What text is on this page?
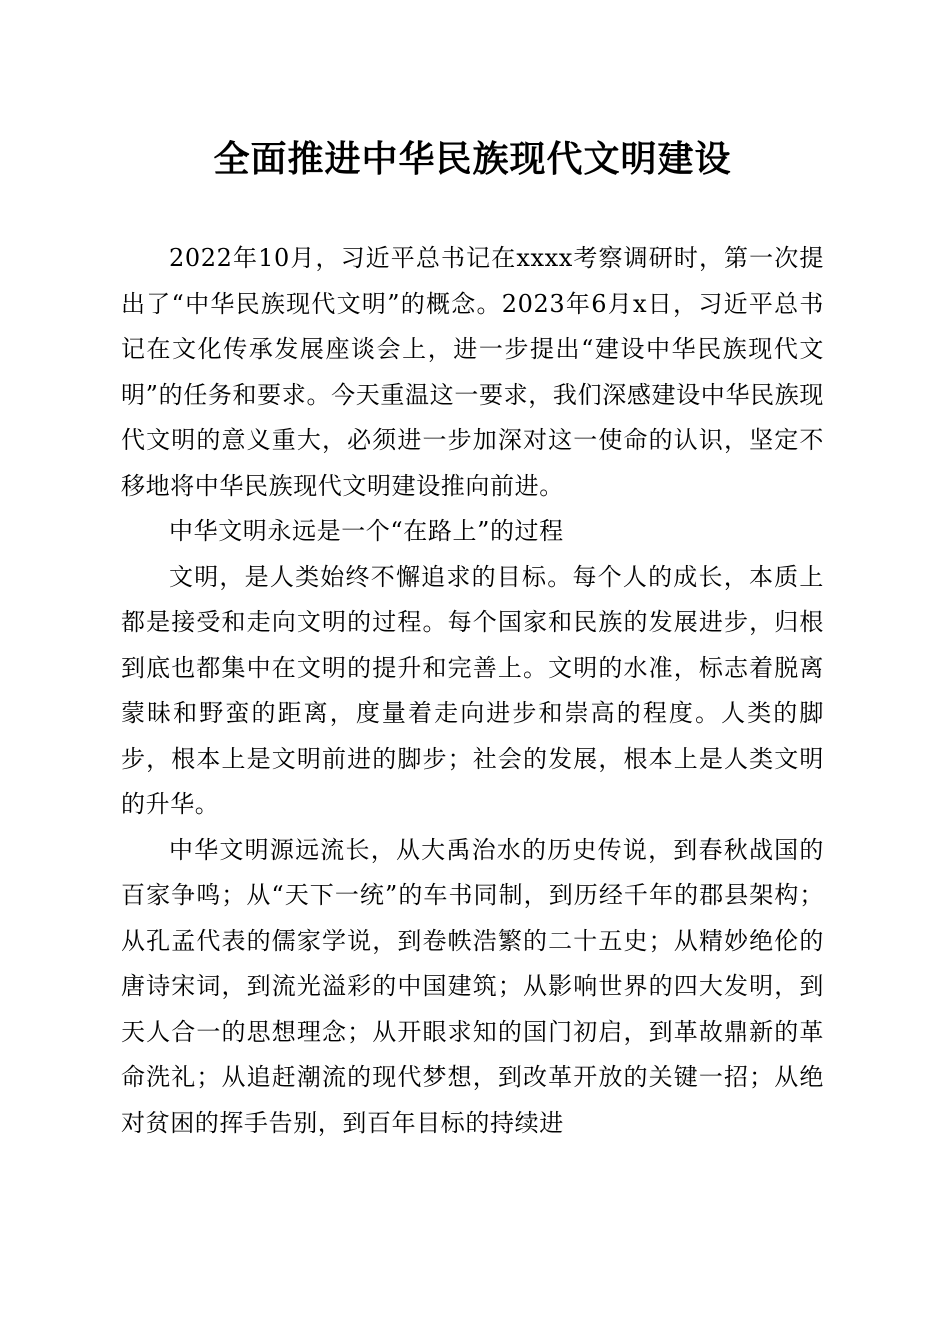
全面推进中华民族现代文明建设

2022年10月，习近平总书记在xxxx考察调研时，第一次提出了“中华民族现代文明”的概念。2023年6月x日，习近平总书记在文化传承发展座谈会上，进一步提出“建设中华民族现代文明”的任务和要求。今天重温这一要求，我们深感建设中华民族现代文明的意义重大，必须进一步加深对这一使命的认识，坚定不移地将中华民族现代文明建设推向前进。

中华文明永远是一个“在路上”的过程

文明，是人类始终不懈追求的目标。每个人的成长，本质上都是接受和走向文明的过程。每个国家和民族的发展进步，归根到底也都集中在文明的提升和完善上。文明的水准，标志着脱离蒙昧和野蛮的距离，度量着走向进步和崇高的程度。人类的脚步，根本上是文明前进的脚步；社会的发展，根本上是人类文明的升华。

中华文明源远流长，从大禹治水的历史传说，到春秋战国的百家争鸣；从“天下一统”的车书同制，到历经千年的郡县架构；从孔孟代表的儒家学说，到卷帙浩繁的二十五史；从精妙绝伦的唐诗宋词，到流光溢彩的中国建筑；从影响世界的四大发明，到天人合一的思想理念；从开眼求知的国门初启，到革故鼎新的革命洗礼；从追赶潮流的现代梦想，到改革开放的关键一招；从绝对贫困的挥手告别，到百年目标的持续进
